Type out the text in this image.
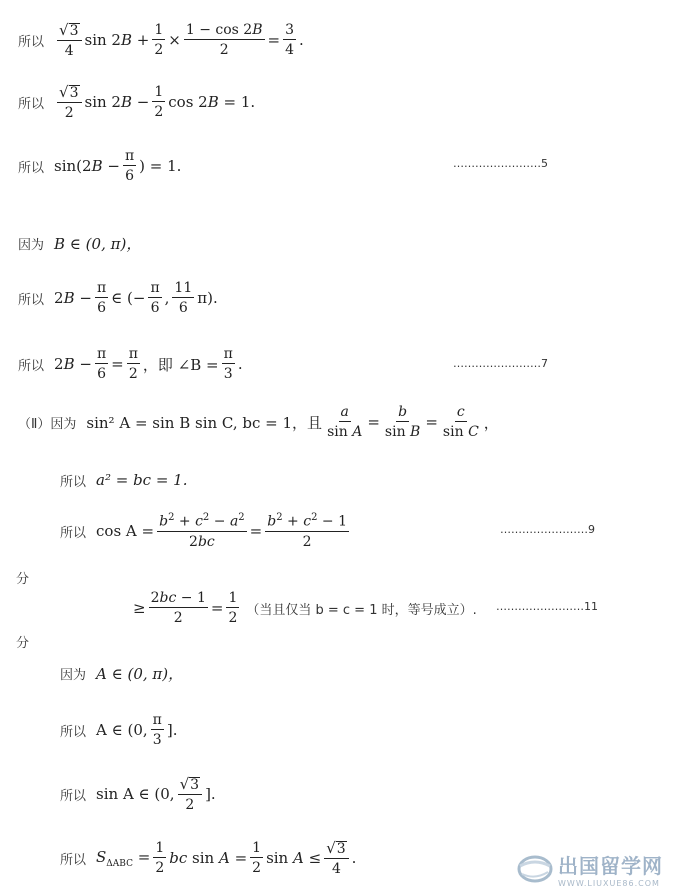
所以 $\frac{√ 3}{4}$ $\sin 2B + \frac{1}{2} \times \frac{1 - \cos 2B}{2} = \frac{3}{4}$ .
所以 $\frac{√ 3}{2}$ $\sin 2B - \frac{1}{2}$ cos 2B = 1 .
所以 $\sin(2B - \frac{\pi}{6}$ ) = 1 .	……………………5
因为 B ∈ (0, π)，
所以 $2B - \frac{\pi}{6}$ ∈ (− $\frac{\pi}{6}$ , $\frac{11}{6}$ π ).
所以 $2B - \frac{\pi}{6} = \frac{\pi}{2}$ ，即 ∠B = $\frac{\pi}{3}$ .	……………………7
（Ⅱ）因为 sin² A = sin B sin C, bc = 1，且 $\frac{a}{\text{sin A}} = \frac{b}{\text{sin B}} = \frac{c}{\text{sin C}}$ ，
所以 a² = bc = 1.
所以 $\cos A = \frac{b^2 + c^2 - a^2}{2bc} = \frac{b^2 + c^2 - 1}{2}$	……………………9
分
≥ $\frac{2bc - 1}{2} = \frac{1}{2}$ （当且仅当 b = c = 1 时，等号成立）. ……………………11
分
因为 A ∈ (0, π)，
所以 A ∈ (0, $\frac{\pi}{3}$ ].
所以 sin A ∈ (0, $\frac{√ 3}{2}$ ].
所以 $S_{\Delta ABC} = \frac{1}{2}$ bc $\sin A = \frac{1}{2}$ $\sin A \le \frac{√ 3}{4}$ .	出国留学网
WWW.LIUXUE86.COM
